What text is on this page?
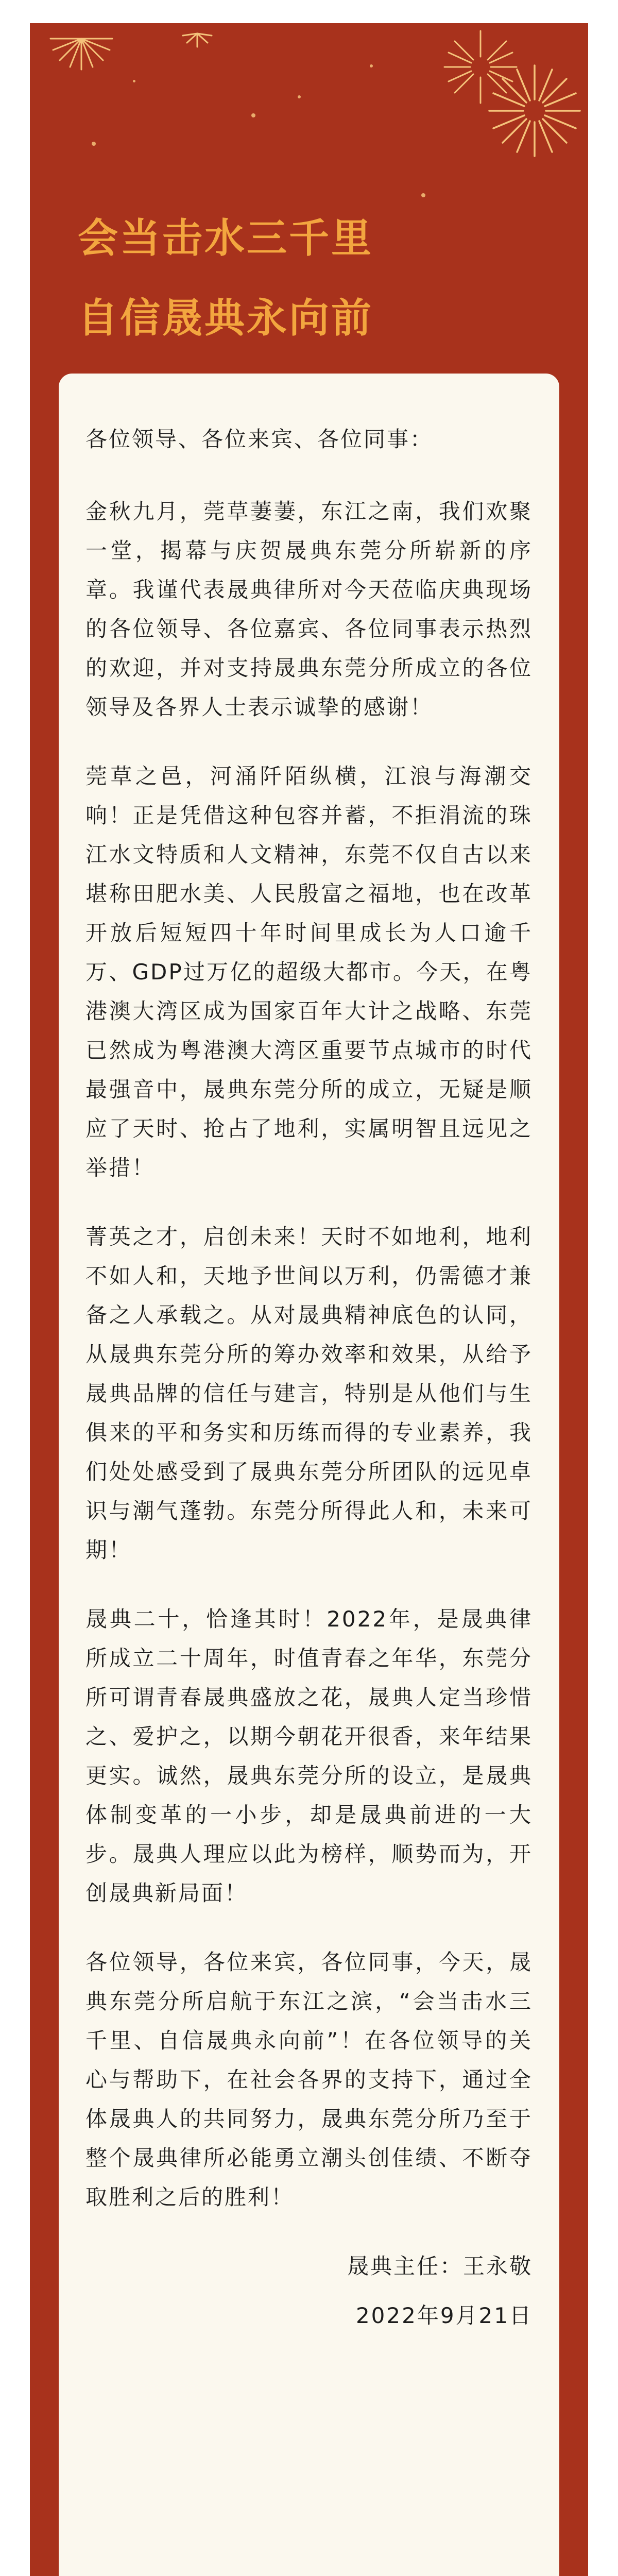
会当击水三千里
自信晟典永向前

各位领导、各位来宾、各位同事：

金秋九月，莞草萋萋，东江之南，我们欢聚一堂，揭幕与庆贺晟典东莞分所崭新的序章。我谨代表晟典律所对今天莅临庆典现场的各位领导、各位嘉宾、各位同事表示热烈的欢迎，并对支持晟典东莞分所成立的各位领导及各界人士表示诚挚的感谢！

莞草之邑，河涌阡陌纵横，江浪与海潮交响！正是凭借这种包容并蓄，不拒涓流的珠江水文特质和人文精神，东莞不仅自古以来堪称田肥水美、人民殷富之福地，也在改革开放后短短四十年时间里成长为人口逾千万、GDP过万亿的超级大都市。今天，在粤港澳大湾区成为国家百年大计之战略、东莞已然成为粤港澳大湾区重要节点城市的时代最强音中，晟典东莞分所的成立，无疑是顺应了天时、抢占了地利，实属明智且远见之举措！

菁英之才，启创未来！天时不如地利，地利不如人和，天地予世间以万利，仍需德才兼备之人承载之。从对晟典精神底色的认同，从晟典东莞分所的筹办效率和效果，从给予晟典品牌的信任与建言，特别是从他们与生俱来的平和务实和历练而得的专业素养，我们处处感受到了晟典东莞分所团队的远见卓识与潮气蓬勃。东莞分所得此人和，未来可期！

晟典二十，恰逢其时！2022年，是晟典律所成立二十周年，时值青春之年华，东莞分所可谓青春晟典盛放之花，晟典人定当珍惜之、爱护之，以期今朝花开很香，来年结果更实。诚然，晟典东莞分所的设立，是晟典体制变革的一小步，却是晟典前进的一大步。晟典人理应以此为榜样，顺势而为，开创晟典新局面！

各位领导，各位来宾，各位同事，今天，晟典东莞分所启航于东江之滨，“会当击水三千里、自信晟典永向前”！在各位领导的关心与帮助下，在社会各界的支持下，通过全体晟典人的共同努力，晟典东莞分所乃至于整个晟典律所必能勇立潮头创佳绩、不断夺取胜利之后的胜利！

晟典主任：王永敬

2022年9月21日
